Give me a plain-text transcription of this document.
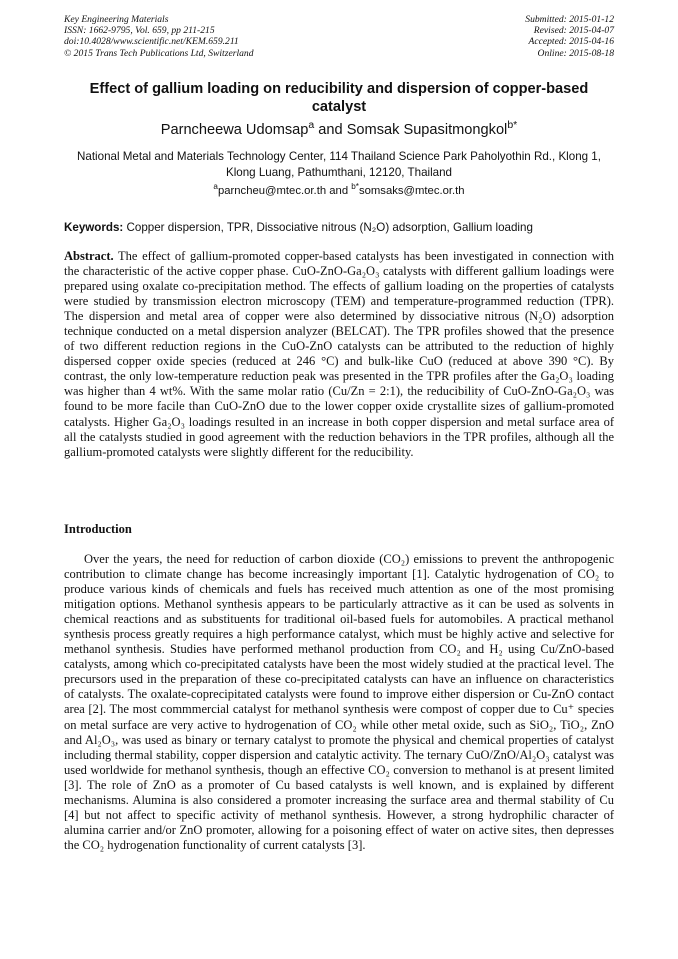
Key Engineering Materials
ISSN: 1662-9795, Vol. 659, pp 211-215
doi:10.4028/www.scientific.net/KEM.659.211
© 2015 Trans Tech Publications Ltd, Switzerland
Submitted: 2015-01-12
Revised: 2015-04-07
Accepted: 2015-04-16
Online: 2015-08-18
Effect of gallium loading on reducibility and dispersion of copper-based catalyst
Parncheewa Udomsap$^a$ and Somsak Supasitmongkol$^{b*}$
National Metal and Materials Technology Center, 114 Thailand Science Park Paholyothin Rd., Klong 1, Klong Luang, Pathumthani, 12120, Thailand
$^a$parncheu@mtec.or.th and $^{b*}$somsaks@mtec.or.th
Keywords: Copper dispersion, TPR, Dissociative nitrous (N₂O) adsorption, Gallium loading
Abstract. The effect of gallium-promoted copper-based catalysts has been investigated in connection with the characteristic of the active copper phase. CuO-ZnO-Ga₂O₃ catalysts with different gallium loadings were prepared using oxalate co-precipitation method. The effects of gallium loading on the properties of catalysts were studied by transmission electron microscopy (TEM) and temperature-programmed reduction (TPR). The dispersion and metal area of copper were also determined by dissociative nitrous (N₂O) adsorption technique conducted on a metal dispersion analyzer (BELCAT). The TPR profiles showed that the presence of two different reduction regions in the CuO-ZnO catalysts can be attributed to the reduction of highly dispersed copper oxide species (reduced at 246 °C) and bulk-like CuO (reduced at above 390 °C). By contrast, the only low-temperature reduction peak was presented in the TPR profiles after the Ga₂O₃ loading was higher than 4 wt%. With the same molar ratio (Cu/Zn = 2:1), the reducibility of CuO-ZnO-Ga₂O₃ was found to be more facile than CuO-ZnO due to the lower copper oxide crystallite sizes of gallium-promoted catalysts. Higher Ga₂O₃ loadings resulted in an increase in both copper dispersion and metal surface area of all the catalysts studied in good agreement with the reduction behaviors in the TPR profiles, although all the gallium-promoted catalysts were slightly different for the reducibility.
Introduction
Over the years, the need for reduction of carbon dioxide (CO₂) emissions to prevent the anthropogenic contribution to climate change has become increasingly important [1]. Catalytic hydrogenation of CO₂ to produce various kinds of chemicals and fuels has received much attention as one of the most promising mitigation options. Methanol synthesis appears to be particularly attractive as it can be used as solvents in chemical reactions and as substituents for traditional oil-based fuels for automobiles. A practical methanol synthesis process greatly requires a high performance catalyst, which must be highly active and selective for methanol synthesis. Studies have performed methanol production from CO₂ and H₂ using Cu/ZnO-based catalysts, among which co-precipitated catalysts have been the most widely studied at the practical level. The precursors used in the preparation of these co-precipitated catalysts can have an influence on characteristics of catalysts. The oxalate-coprecipitated catalysts were found to improve either dispersion or Cu-ZnO contact area [2]. The most commmercial catalyst for methanol synthesis were compost of copper due to Cu⁺ species on metal surface are very active to hydrogenation of CO₂ while other metal oxide, such as SiO₂, TiO₂, ZnO and Al₂O₃, was used as binary or ternary catalyst to promote the physical and chemical properties of catalyst including thermal stability, copper dispersion and catalytic activity. The ternary CuO/ZnO/Al₂O₃ catalyst was used worldwide for methanol synthesis, though an effective CO₂ conversion to methanol is at present limited [3]. The role of ZnO as a promoter of Cu based catalysts is well known, and is explained by different mechanisms. Alumina is also considered a promoter increasing the surface area and thermal stability of Cu [4] but not affect to specific activity of methanol synthesis. However, a strong hydrophilic character of alumina carrier and/or ZnO promoter, allowing for a poisoning effect of water on active sites, then depresses the CO₂ hydrogenation functionality of current catalysts [3].
